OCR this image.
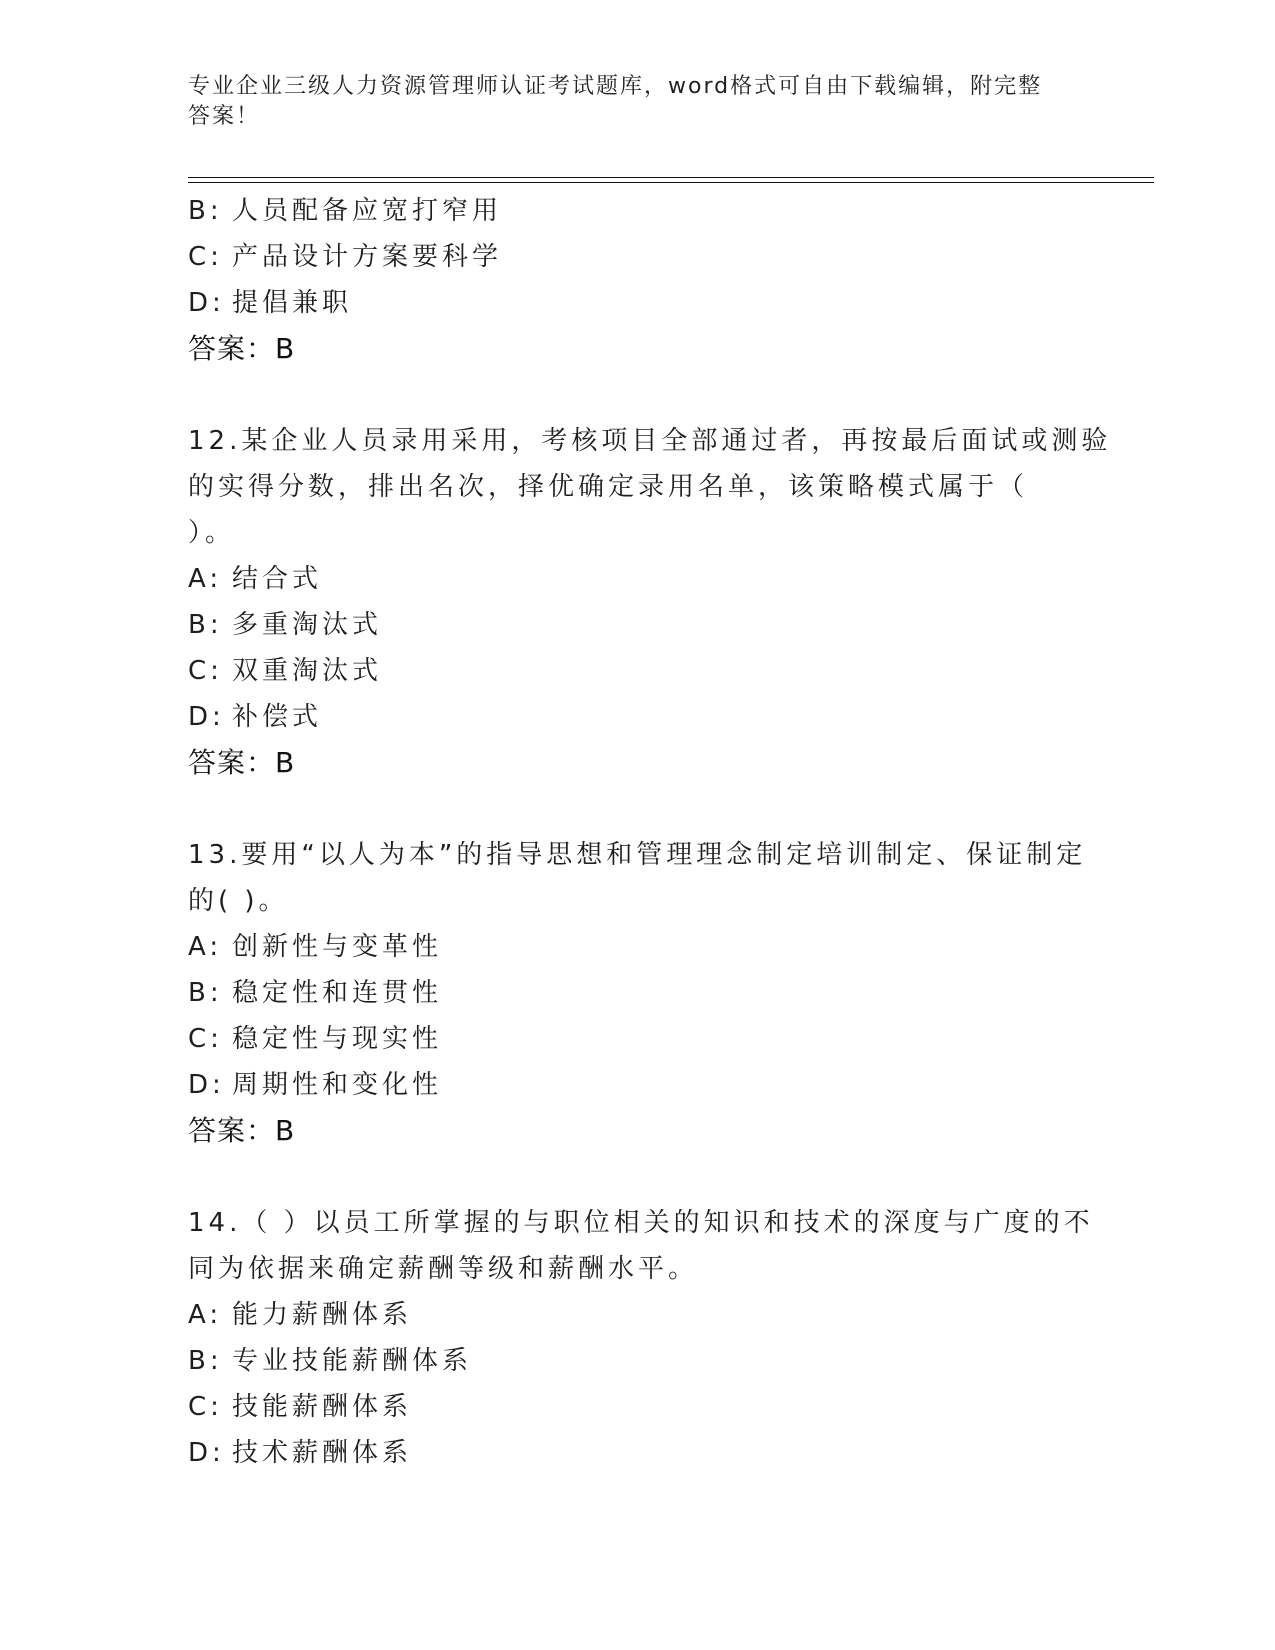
专业企业三级人力资源管理师认证考试题库，word格式可自由下载编辑，附完整
答案！
B: 人员配备应宽打窄用
C: 产品设计方案要科学
D: 提倡兼职
答案：B
12.某企业人员录用采用，考核项目全部通过者，再按最后面试或测验
的实得分数，排出名次，择优确定录用名单，该策略模式属于（
）。
A: 结合式
B: 多重淘汰式
C: 双重淘汰式
D: 补偿式
答案：B
13.要用“以人为本”的指导思想和管理理念制定培训制定、保证制定
的( )。
A: 创新性与变革性
B: 稳定性和连贯性
C: 稳定性与现实性
D: 周期性和变化性
答案：B
14.（ ）以员工所掌握的与职位相关的知识和技术的深度与广度的不
同为依据来确定薪酬等级和薪酬水平。
A: 能力薪酬体系
B: 专业技能薪酬体系
C: 技能薪酬体系
D: 技术薪酬体系
